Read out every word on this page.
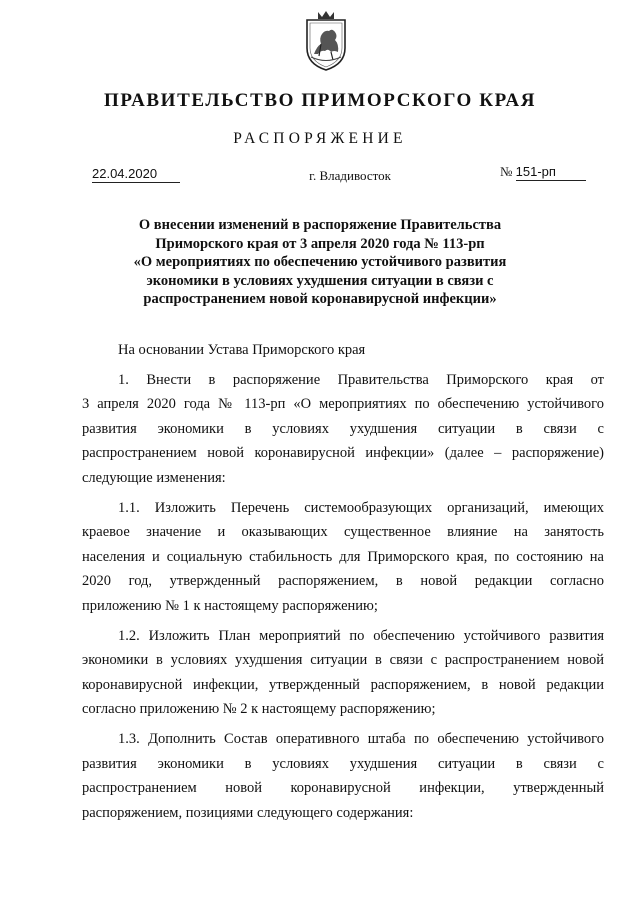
ПРАВИТЕЛЬСТВО ПРИМОРСКОГО КРАЯ
РАСПОРЯЖЕНИЕ
22.04.2020	г. Владивосток	№ 151-рп
О внесении изменений в распоряжение Правительства
Приморского края от 3 апреля 2020 года № 113-рп
«О мероприятиях по обеспечению устойчивого развития
экономики в условиях ухудшения ситуации в связи с
распространением новой коронавирусной инфекции»
На основании Устава Приморского края
1. Внести в распоряжение Правительства Приморского края от
3 апреля 2020 года № 113-рп «О мероприятиях по обеспечению устойчивого
развития экономики в условиях ухудшения ситуации в связи с
распространением новой коронавирусной инфекции» (далее – распоряжение)
следующие изменения:
1.1. Изложить Перечень системообразующих организаций, имеющих
краевое значение и оказывающих существенное влияние на занятость
населения и социальную стабильность для Приморского края, по состоянию на
2020 год, утвержденный распоряжением, в новой редакции согласно
приложению № 1 к настоящему распоряжению;
1.2. Изложить План мероприятий по обеспечению устойчивого развития
экономики в условиях ухудшения ситуации в связи с распространением новой
коронавирусной инфекции, утвержденный распоряжением, в новой редакции
согласно приложению № 2 к настоящему распоряжению;
1.3. Дополнить Состав оперативного штаба по обеспечению устойчивого
развития экономики в условиях ухудшения ситуации в связи с
распространением новой коронавирусной инфекции, утвержденный
распоряжением, позициями следующего содержания:
